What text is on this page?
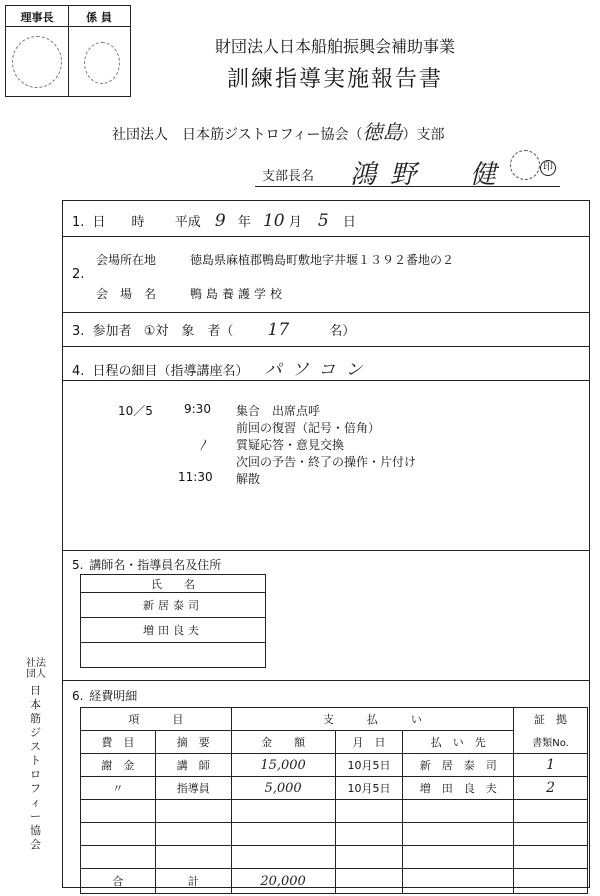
理事長	係 員
財団法人日本船舶振興会補助事業
訓練指導実施報告書
社団法人　日本筋ジストロフィー協会（徳島）支部
支部長名 鴻野　健	印
1. 日　　時 平成 9 年 10 月 5 日
2.
会場所在地	徳島県麻植郡鴨島町敷地字井堰１３９２番地の２
会　場　名	鴨島養護学校
3. 参加者 ①対　象　者（ 17	名）
4. 日程の細目（指導講座名） パソコン
10／5	9:30 集合　出席点呼
前回の復習（記号・倍角）
〳 質疑応答・意見交換
次回の予告・終了の操作・片付け
11:30 解散
5. 講師名・指導員名及住所
氏　　名
新居泰司
増田良夫

6. 経費明細
項　　　目		支　　　払　　　い			証　拠
費　目	摘　要	金　　額	月　日	払　い　先	書類No.
謝　金	講　師	15,000	10月5日	新　居　泰　司	1
〃	指導員	5,000	10月5日	増　田　良　夫	2

合	計	20,000			
社法
団人
日本筋ジストロフィー協会
